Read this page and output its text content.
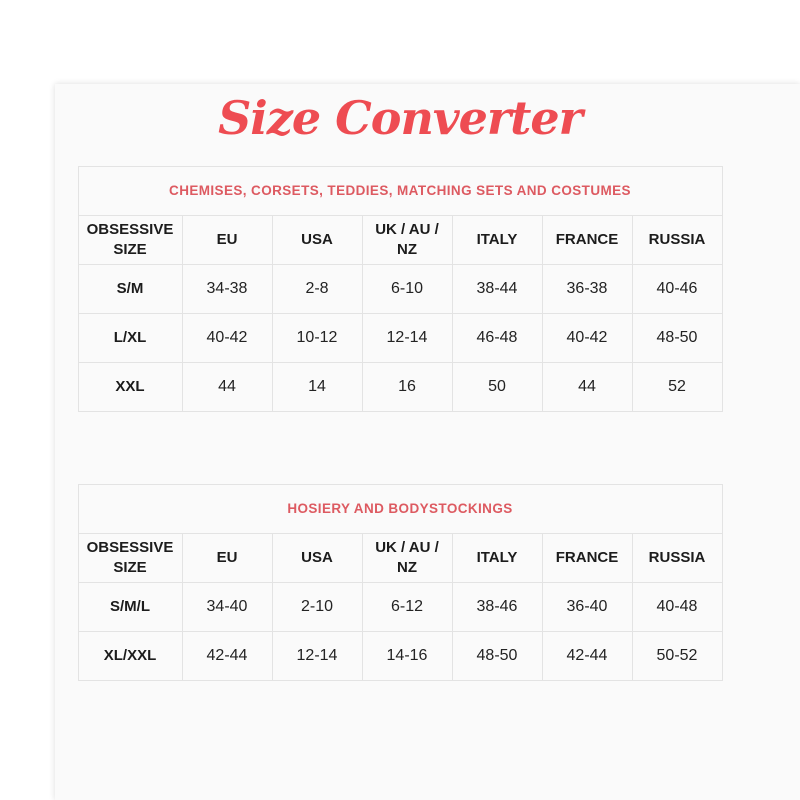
Size Converter
CHEMISES, CORSETS, TEDDIES, MATCHING SETS AND COSTUMES						
OBSESSIVE SIZE	EU	USA	UK / AU / NZ	ITALY	FRANCE	RUSSIA
S/M	34-38	2-8	6-10	38-44	36-38	40-46
L/XL	40-42	10-12	12-14	46-48	40-42	48-50
XXL	44	14	16	50	44	52
HOSIERY AND BODYSTOCKINGS						
OBSESSIVE SIZE	EU	USA	UK / AU / NZ	ITALY	FRANCE	RUSSIA
S/M/L	34-40	2-10	6-12	38-46	36-40	40-48
XL/XXL	42-44	12-14	14-16	48-50	42-44	50-52
